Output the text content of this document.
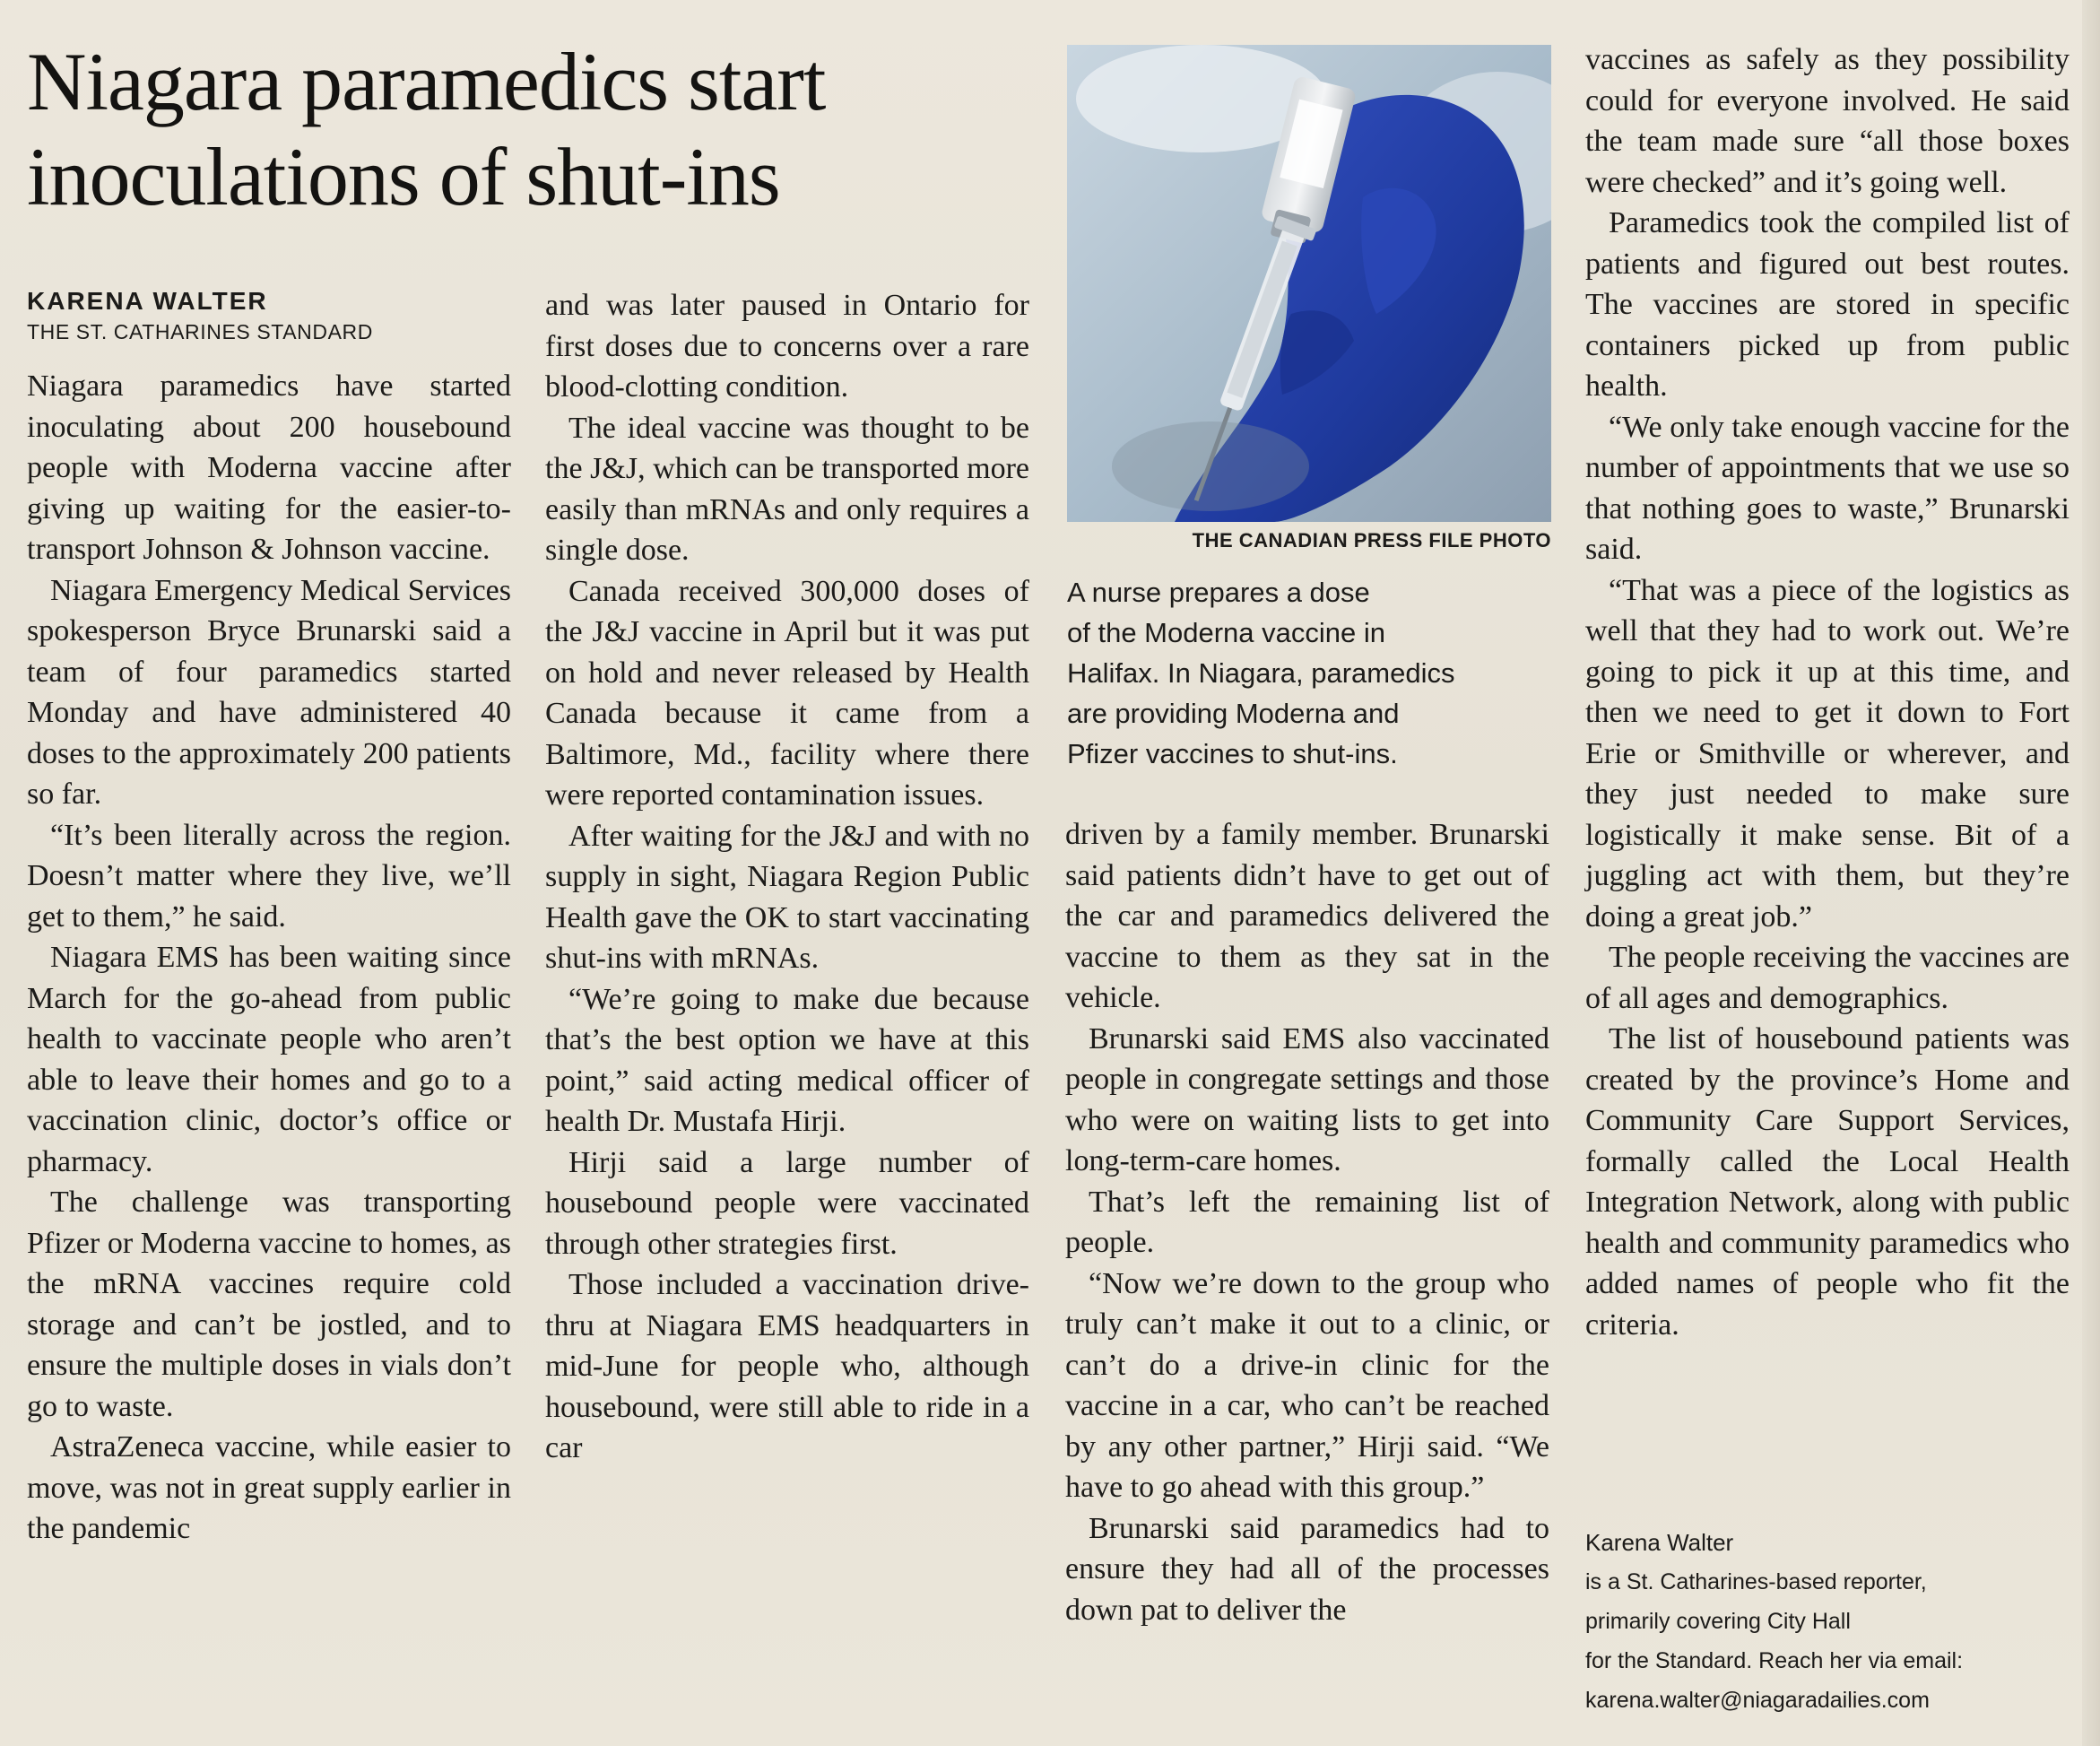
Niagara paramedics start
inoculations of shut-ins
KARENA WALTER
THE ST. CATHARINES STANDARD

Niagara paramedics have started inoculating about 200 housebound people with Moderna vaccine after giving up waiting for the easier-to-transport Johnson & Johnson vaccine.

Niagara Emergency Medical Services spokesperson Bryce Brunarski said a team of four paramedics started Monday and have administered 40 doses to the approximately 200 patients so far.

“It’s been literally across the region. Doesn’t matter where they live, we’ll get to them,” he said.

Niagara EMS has been waiting since March for the go-ahead from public health to vaccinate people who aren’t able to leave their homes and go to a vaccination clinic, doctor’s office or pharmacy.

The challenge was transporting Pfizer or Moderna vaccine to homes, as the mRNA vaccines require cold storage and can’t be jostled, and to ensure the multiple doses in vials don’t go to waste.

AstraZeneca vaccine, while easier to move, was not in great supply earlier in the pandemic

and was later paused in Ontario for first doses due to concerns over a rare blood-clotting condition.

The ideal vaccine was thought to be the J&J, which can be transported more easily than mRNAs and only requires a single dose.

Canada received 300,000 doses of the J&J vaccine in April but it was put on hold and never released by Health Canada because it came from a Baltimore, Md., facility where there were reported contamination issues.

After waiting for the J&J and with no supply in sight, Niagara Region Public Health gave the OK to start vaccinating shut-ins with mRNAs.

“We’re going to make due because that’s the best option we have at this point,” said acting medical officer of health Dr. Mustafa Hirji.

Hirji said a large number of housebound people were vaccinated through other strategies first.

Those included a vaccination drive-thru at Niagara EMS headquarters in mid-June for people who, although housebound, were still able to ride in a car

THE CANADIAN PRESS FILE PHOTO
A nurse prepares a dose
of the Moderna vaccine in
Halifax. In Niagara, paramedics
are providing Moderna and
Pfizer vaccines to shut-ins.

driven by a family member. Brunarski said patients didn’t have to get out of the car and paramedics delivered the vaccine to them as they sat in the vehicle.

Brunarski said EMS also vaccinated people in congregate settings and those who were on waiting lists to get into long-term-care homes.

That’s left the remaining list of people.

“Now we’re down to the group who truly can’t make it out to a clinic, or can’t do a drive-in clinic for the vaccine in a car, who can’t be reached by any other partner,” Hirji said. “We have to go ahead with this group.”

Brunarski said paramedics had to ensure they had all of the processes down pat to deliver the

vaccines as safely as they possibility could for everyone involved. He said the team made sure “all those boxes were checked” and it’s going well.

Paramedics took the compiled list of patients and figured out best routes. The vaccines are stored in specific containers picked up from public health.

“We only take enough vaccine for the number of appointments that we use so that nothing goes to waste,” Brunarski said.

“That was a piece of the logistics as well that they had to work out. We’re going to pick it up at this time, and then we need to get it down to Fort Erie or Smithville or wherever, and they just needed to make sure logistically it make sense. Bit of a juggling act with them, but they’re doing a great job.”

The people receiving the vaccines are of all ages and demographics.

The list of housebound patients was created by the province’s Home and Community Care Support Services, formally called the Local Health Integration Network, along with public health and community paramedics who added names of people who fit the criteria.

Karena Walter
is a St. Catharines-based reporter,
primarily covering City Hall
for the Standard. Reach her via email:
karena.walter@niagaradailies.com
